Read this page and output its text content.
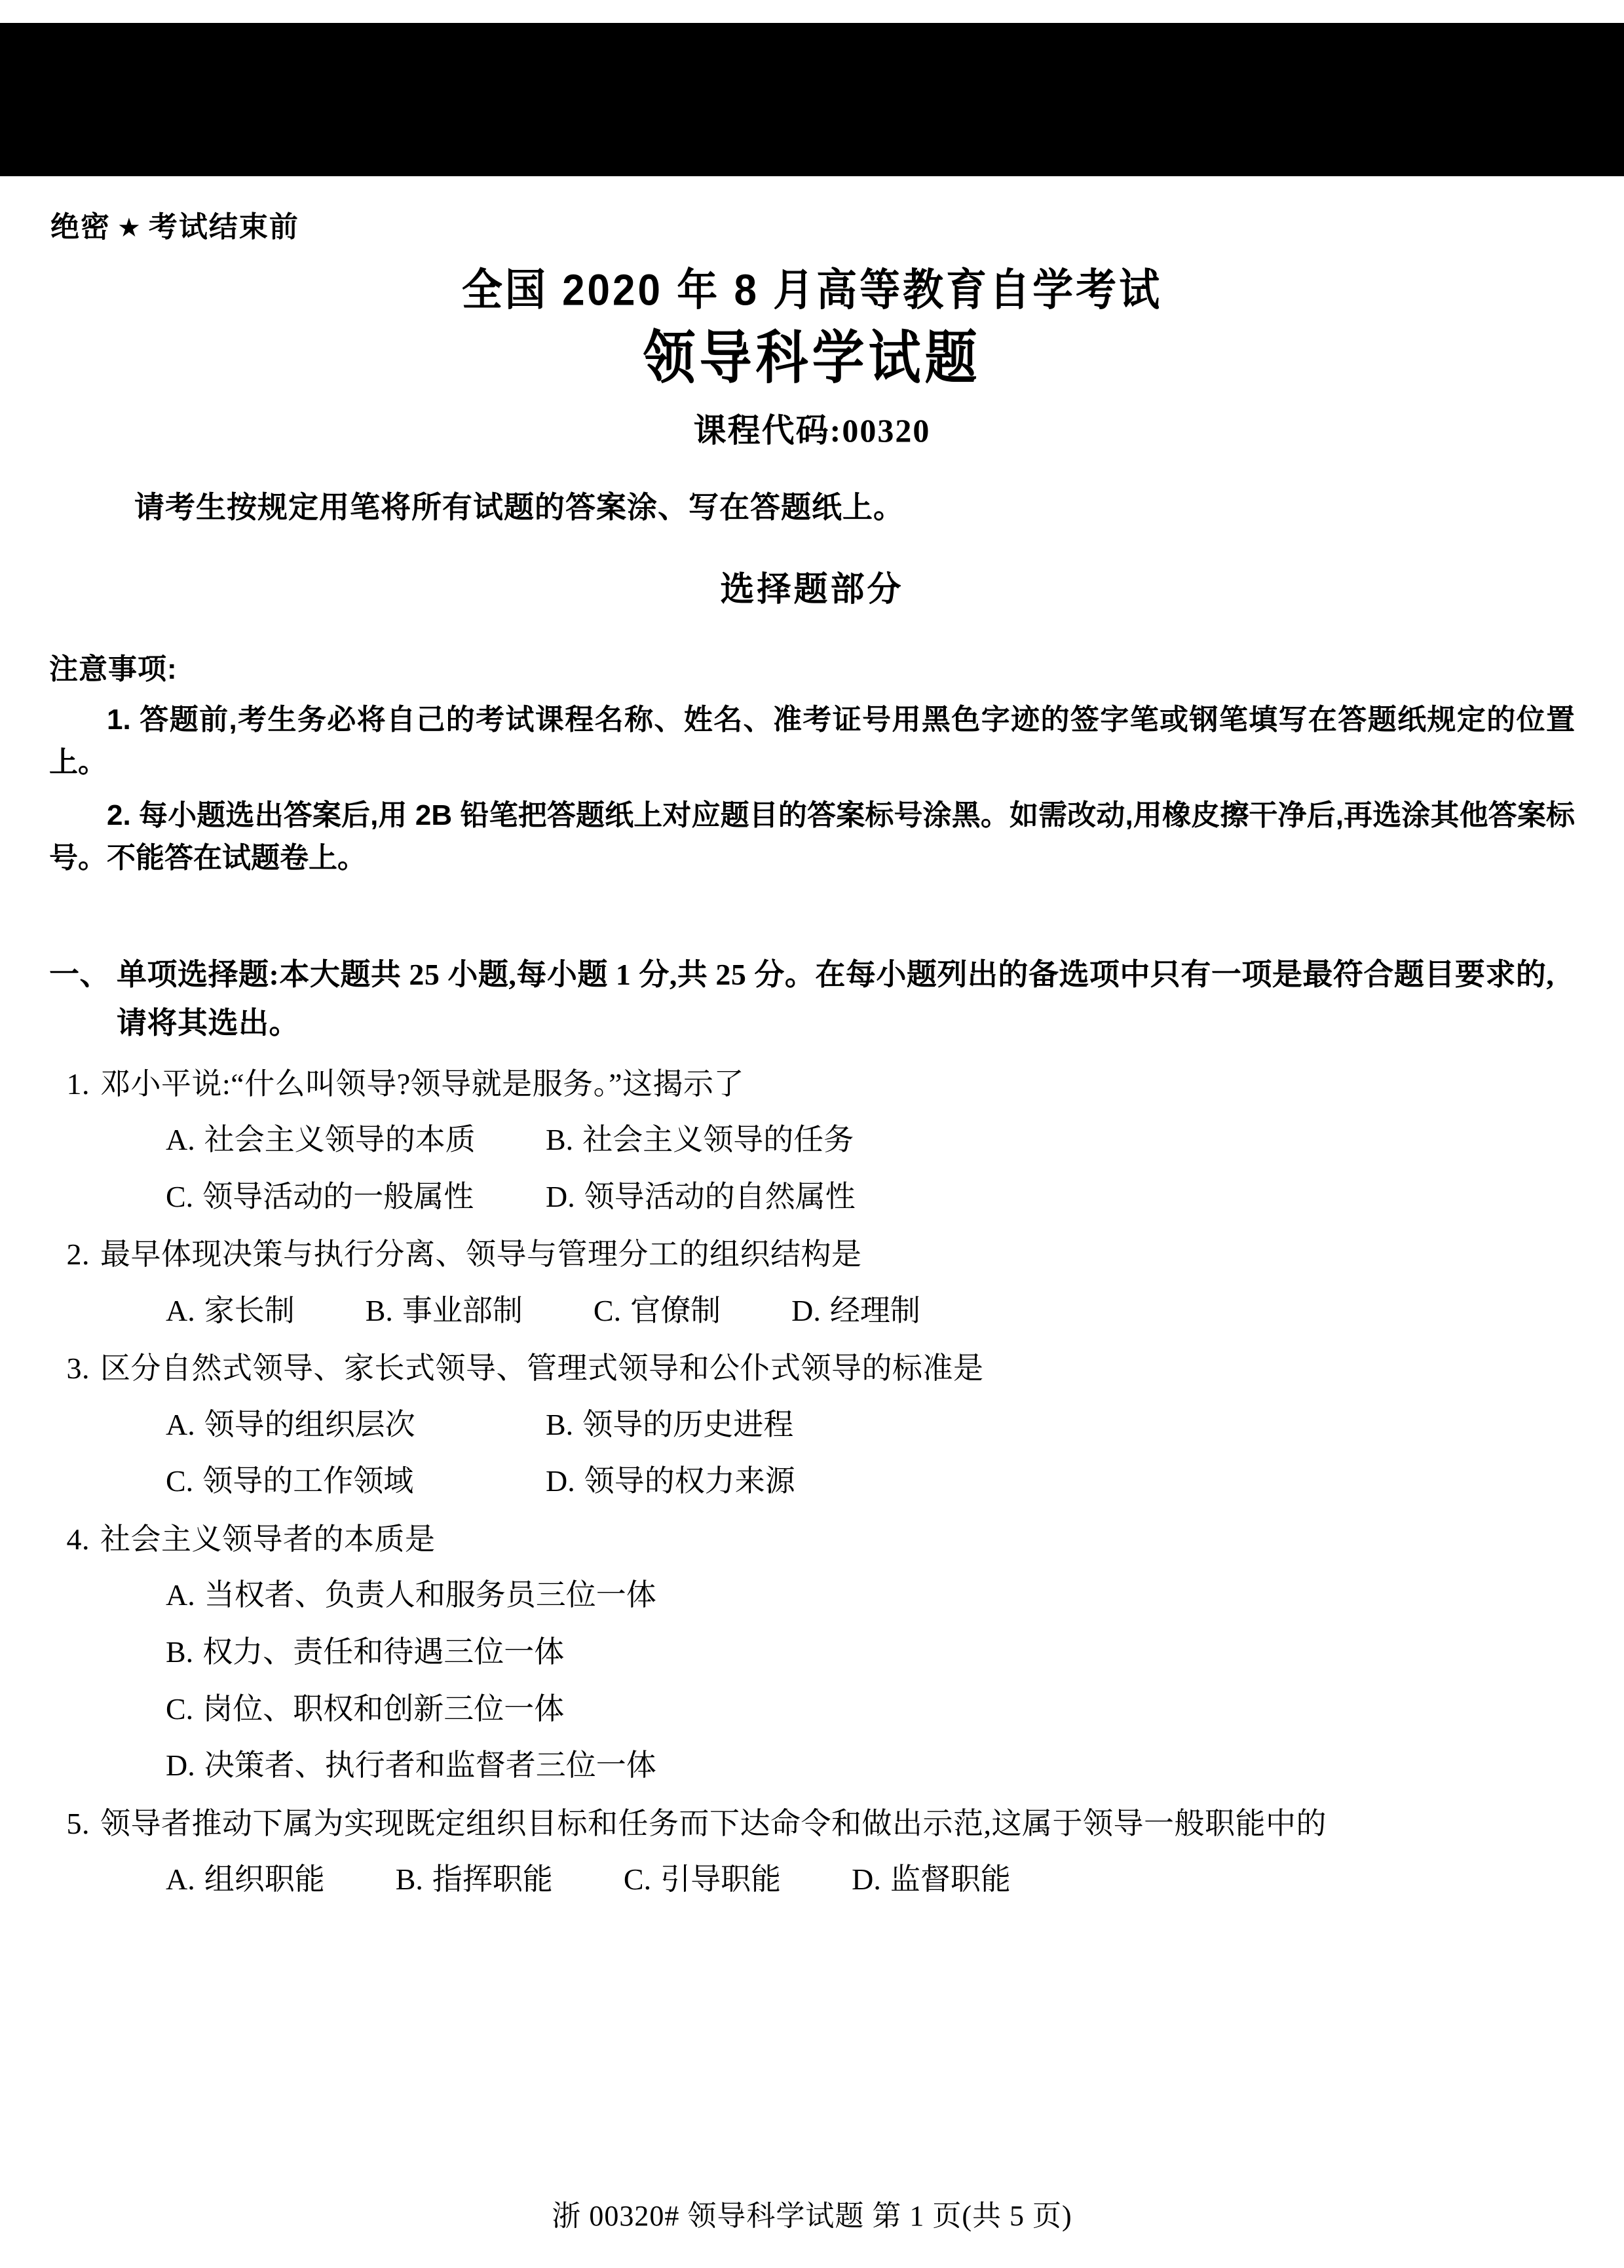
绝密 ★ 考试结束前
全国 2020 年 8 月高等教育自学考试
领导科学试题
课程代码:00320
请考生按规定用笔将所有试题的答案涂、写在答题纸上。
选择题部分
注意事项:
1. 答题前,考生务必将自己的考试课程名称、姓名、准考证号用黑色字迹的签字笔或钢笔填写在答题纸规定的位置上。
2. 每小题选出答案后,用 2B 铅笔把答题纸上对应题目的答案标号涂黑。如需改动,用橡皮擦干净后,再选涂其他答案标号。不能答在试题卷上。
一、 单项选择题:本大题共 25 小题,每小题 1 分,共 25 分。在每小题列出的备选项中只有一项是最符合题目要求的,请将其选出。
1. 邓小平说:“什么叫领导?领导就是服务。”这揭示了
A. 社会主义领导的本质	B. 社会主义领导的任务
C. 领导活动的一般属性	D. 领导活动的自然属性
2. 最早体现决策与执行分离、领导与管理分工的组织结构是
A. 家长制 B. 事业部制 C. 官僚制 D. 经理制
3. 区分自然式领导、家长式领导、管理式领导和公仆式领导的标准是
A. 领导的组织层次	B. 领导的历史进程
C. 领导的工作领域	D. 领导的权力来源
4. 社会主义领导者的本质是
A. 当权者、负责人和服务员三位一体
B. 权力、责任和待遇三位一体
C. 岗位、职权和创新三位一体
D. 决策者、执行者和监督者三位一体
5. 领导者推动下属为实现既定组织目标和任务而下达命令和做出示范,这属于领导一般职能中的
A. 组织职能 B. 指挥职能 C. 引导职能 D. 监督职能
浙 00320# 领导科学试题 第 1 页(共 5 页)
